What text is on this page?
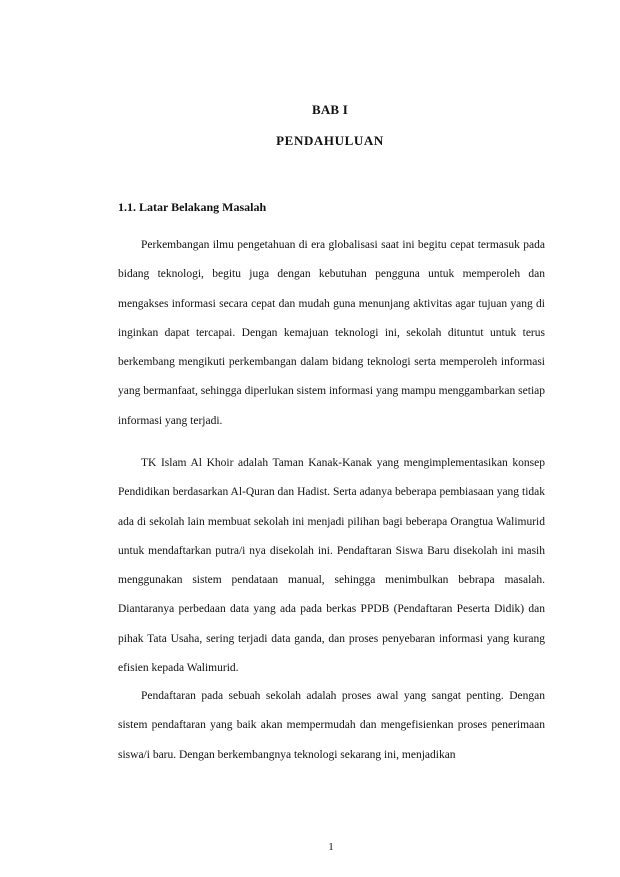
BAB I
PENDAHULUAN
1.1. Latar Belakang Masalah

Perkembangan ilmu pengetahuan di era globalisasi saat ini begitu cepat termasuk pada bidang teknologi, begitu juga dengan kebutuhan pengguna untuk memperoleh dan mengakses informasi secara cepat dan mudah guna menunjang aktivitas agar tujuan yang di inginkan dapat tercapai. Dengan kemajuan teknologi ini, sekolah dituntut untuk terus berkembang mengikuti perkembangan dalam bidang teknologi serta memperoleh informasi yang bermanfaat, sehingga diperlukan sistem informasi yang mampu menggambarkan setiap informasi yang terjadi.

TK Islam Al Khoir adalah Taman Kanak-Kanak yang mengimplementasikan konsep Pendidikan berdasarkan Al-Quran dan Hadist. Serta adanya beberapa pembiasaan yang tidak ada di sekolah lain membuat sekolah ini menjadi pilihan bagi beberapa Orangtua Walimurid untuk mendaftarkan putra/i nya disekolah ini. Pendaftaran Siswa Baru disekolah ini masih menggunakan sistem pendataan manual, sehingga menimbulkan bebrapa masalah. Diantaranya perbedaan data yang ada pada berkas PPDB (Pendaftaran Peserta Didik) dan pihak Tata Usaha, sering terjadi data ganda, dan proses penyebaran informasi yang kurang efisien kepada Walimurid.

Pendaftaran pada sebuah sekolah adalah proses awal yang sangat penting. Dengan sistem pendaftaran yang baik akan mempermudah dan mengefisienkan proses penerimaan siswa/i baru. Dengan berkembangnya teknologi sekarang ini, menjadikan

1
